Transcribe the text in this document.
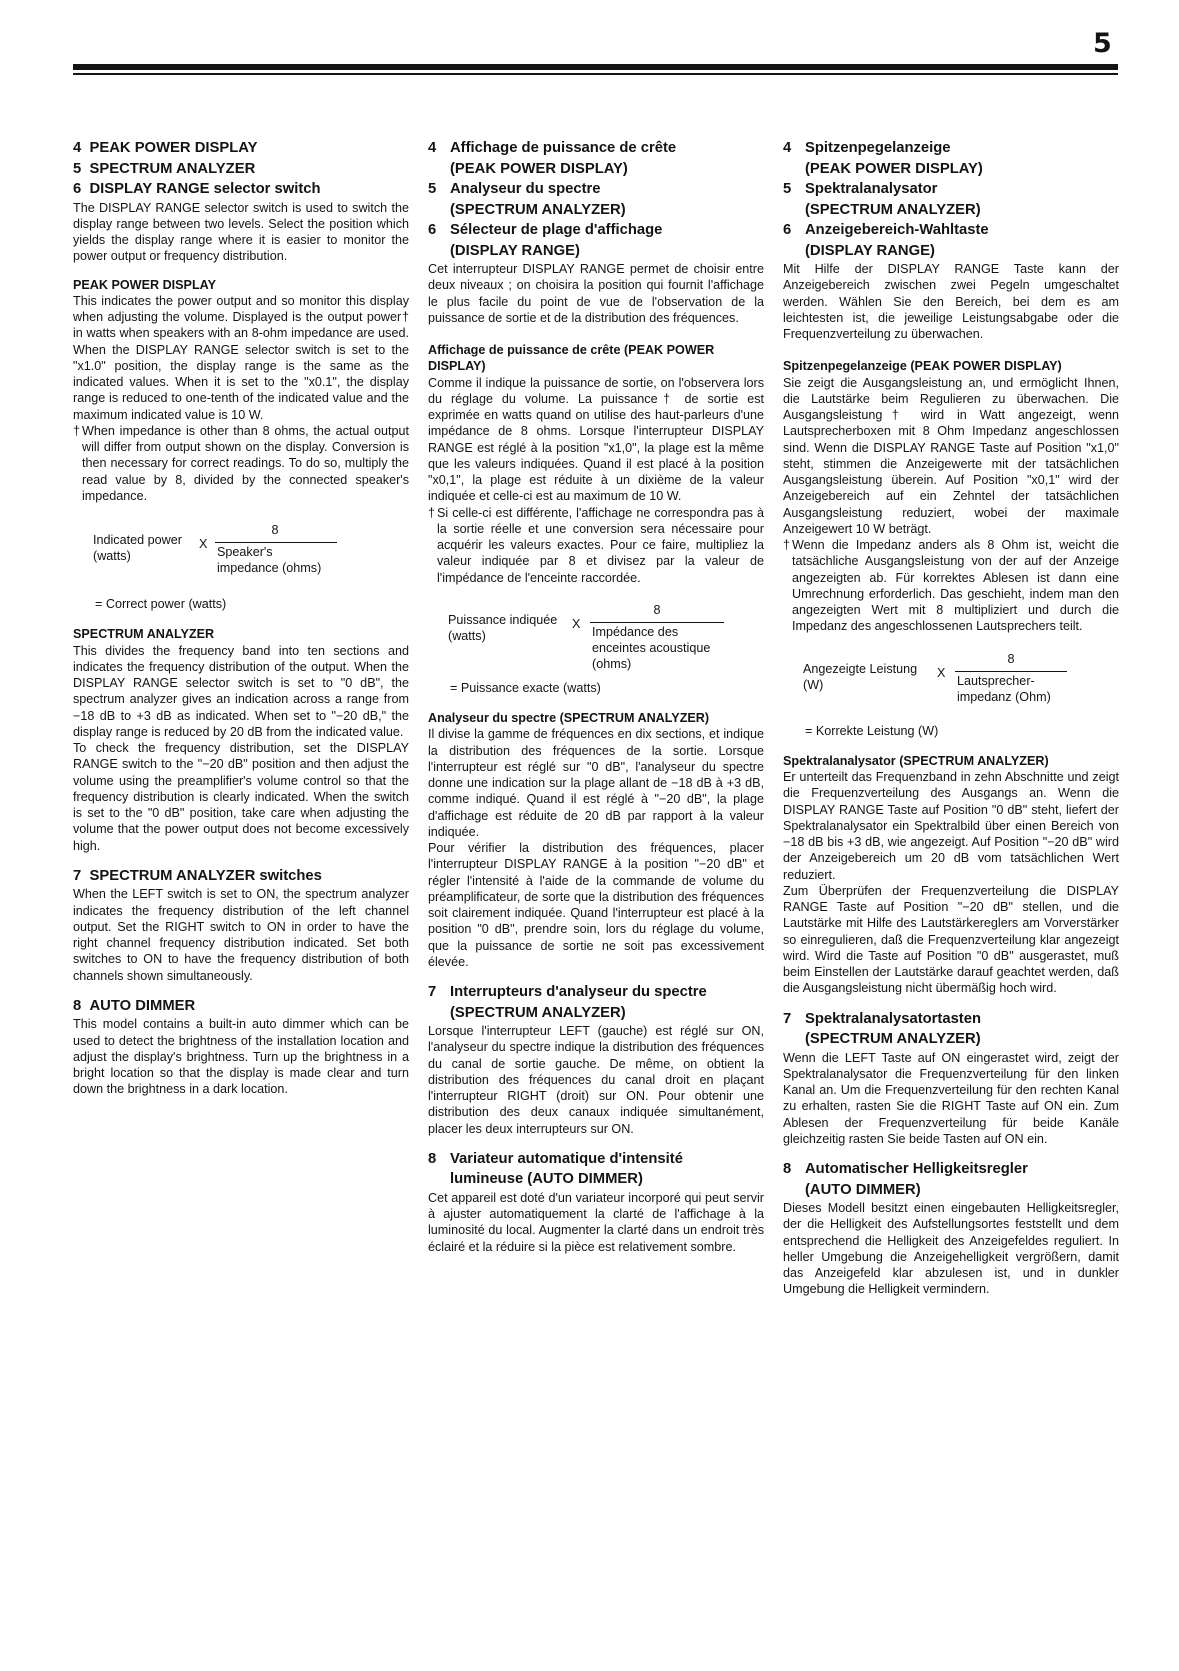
5
4 PEAK POWER DISPLAY
5 SPECTRUM ANALYZER
6 DISPLAY RANGE selector switch

The DISPLAY RANGE selector switch is used to switch the display range between two levels. Select the position which yields the display range where it is easier to monitor the power output or frequency distribution.

PEAK POWER DISPLAY

This indicates the power output and so monitor this display when adjusting the volume. Displayed is the output power† in watts when speakers with an 8-ohm impedance are used. When the DISPLAY RANGE selector switch is set to the "x1.0" position, the display range is the same as the indicated values. When it is set to the "x0.1", the display range is reduced to one-tenth of the indicated value and the maximum indicated value is 10 W.

† When impedance is other than 8 ohms, the actual output will differ from output shown on the display. Conversion is then necessary for correct readings. To do so, multiply the read value by 8, divided by the connected speaker's impedance.
Indicated power
(watts)
X
8
Speaker's
impedance (ohms)
= Correct power (watts)
SPECTRUM ANALYZER

This divides the frequency band into ten sections and indicates the frequency distribution of the output. When the DISPLAY RANGE selector switch is set to "0 dB", the spectrum analyzer gives an indication across a range from −18 dB to +3 dB as indicated. When set to "−20 dB," the display range is reduced by 20 dB from the indicated value.

To check the frequency distribution, set the DISPLAY RANGE switch to the "−20 dB" position and then adjust the volume using the preamplifier's volume control so that the frequency distribution is clearly indicated. When the switch is set to the "0 dB" position, take care when adjusting the volume that the power output does not become excessively high.

7 SPECTRUM ANALYZER switches

When the LEFT switch is set to ON, the spectrum analyzer indicates the frequency distribution of the left channel output. Set the RIGHT switch to ON in order to have the right channel frequency distribution indicated. Set both switches to ON to have the frequency distribution of both channels shown simultaneously.

8 AUTO DIMMER

This model contains a built-in auto dimmer which can be used to detect the brightness of the installation location and adjust the display's brightness. Turn up the brightness in a bright location so that the display is made clear and turn down the brightness in a dark location.

4 Affichage de puissance de crête
(PEAK POWER DISPLAY)
5 Analyseur du spectre
(SPECTRUM ANALYZER)
6 Sélecteur de plage d'affichage
(DISPLAY RANGE)

Cet interrupteur DISPLAY RANGE permet de choisir entre deux niveaux ; on choisira la position qui fournit l'affichage le plus facile du point de vue de l'observation de la puissance de sortie et de la distribution des fréquences.

Affichage de puissance de crête (PEAK POWER DISPLAY)

Comme il indique la puissance de sortie, on l'observera lors du réglage du volume. La puissance† de sortie est exprimée en watts quand on utilise des haut-parleurs d'une impédance de 8 ohms. Lorsque l'interrupteur DISPLAY RANGE est réglé à la position "x1,0", la plage est la même que les valeurs indiquées. Quand il est placé à la position "x0,1", la plage est réduite à un dixième de la valeur indiquée et celle-ci est au maximum de 10 W.

† Si celle-ci est différente, l'affichage ne correspondra pas à la sortie réelle et une conversion sera nécessaire pour acquérir les valeurs exactes. Pour ce faire, multipliez la valeur indiquée par 8 et divisez par la valeur de l'impédance de l'enceinte raccordée.
Puissance indiquée
(watts)
X
8
Impédance des
enceintes acoustique
(ohms)
= Puissance exacte (watts)
Analyseur du spectre (SPECTRUM ANALYZER)

Il divise la gamme de fréquences en dix sections, et indique la distribution des fréquences de la sortie. Lorsque l'interrupteur est réglé sur "0 dB", l'analyseur du spectre donne une indication sur la plage allant de −18 dB à +3 dB, comme indiqué. Quand il est réglé à "−20 dB", la plage d'affichage est réduite de 20 dB par rapport à la valeur indiquée.

Pour vérifier la distribution des fréquences, placer l'interrupteur DISPLAY RANGE à la position "−20 dB" et régler l'intensité à l'aide de la commande de volume du préamplificateur, de sorte que la distribution des fréquences soit clairement indiquée. Quand l'interrupteur est placé à la position "0 dB", prendre soin, lors du réglage du volume, que la puissance de sortie ne soit pas excessivement élevée.

7 Interrupteurs d'analyseur du spectre
(SPECTRUM ANALYZER)

Lorsque l'interrupteur LEFT (gauche) est réglé sur ON, l'analyseur du spectre indique la distribution des fréquences du canal de sortie gauche. De même, on obtient la distribution des fréquences du canal droit en plaçant l'interrupteur RIGHT (droit) sur ON. Pour obtenir une distribution des deux canaux indiquée simultanément, placer les deux interrupteurs sur ON.

8 Variateur automatique d'intensité
lumineuse (AUTO DIMMER)

Cet appareil est doté d'un variateur incorporé qui peut servir à ajuster automatiquement la clarté de l'affichage à la luminosité du local. Augmenter la clarté dans un endroit très éclairé et la réduire si la pièce est relativement sombre.

4 Spitzenpegelanzeige
(PEAK POWER DISPLAY)
5 Spektralanalysator
(SPECTRUM ANALYZER)
6 Anzeigebereich-Wahltaste
(DISPLAY RANGE)

Mit Hilfe der DISPLAY RANGE Taste kann der Anzeigebereich zwischen zwei Pegeln umgeschaltet werden. Wählen Sie den Bereich, bei dem es am leichtesten ist, die jeweilige Leistungsabgabe oder die Frequenzverteilung zu überwachen.

Spitzenpegelanzeige (PEAK POWER DISPLAY)

Sie zeigt die Ausgangsleistung an, und ermöglicht Ihnen, die Lautstärke beim Regulieren zu überwachen. Die Ausgangsleistung† wird in Watt angezeigt, wenn Lautsprecherboxen mit 8 Ohm Impedanz angeschlossen sind. Wenn die DISPLAY RANGE Taste auf Position "x1,0" steht, stimmen die Anzeigewerte mit der tatsächlichen Ausgangsleistung überein. Auf Position "x0,1" wird der Anzeigebereich auf ein Zehntel der tatsächlichen Ausgangsleistung reduziert, wobei der maximale Anzeigewert 10 W beträgt.

† Wenn die Impedanz anders als 8 Ohm ist, weicht die tatsächliche Ausgangsleistung von der auf der Anzeige angezeigten ab. Für korrektes Ablesen ist dann eine Umrechnung erforderlich. Das geschieht, indem man den angezeigten Wert mit 8 multipliziert und durch die Impedanz des angeschlossenen Lautsprechers teilt.
Angezeigte Leistung
(W)
X
8
Lautsprecher-
impedanz (Ohm)
= Korrekte Leistung (W)
Spektralanalysator (SPECTRUM ANALYZER)

Er unterteilt das Frequenzband in zehn Abschnitte und zeigt die Frequenzverteilung des Ausgangs an. Wenn die DISPLAY RANGE Taste auf Position "0 dB" steht, liefert der Spektralanalysator ein Spektralbild über einen Bereich von −18 dB bis +3 dB, wie angezeigt. Auf Position "−20 dB" wird der Anzeigebereich um 20 dB vom tatsächlichen Wert reduziert.

Zum Überprüfen der Frequenzverteilung die DISPLAY RANGE Taste auf Position "−20 dB" stellen, und die Lautstärke mit Hilfe des Lautstärkereglers am Vorverstärker so einregulieren, daß die Frequenzverteilung klar angezeigt wird. Wird die Taste auf Position "0 dB" ausgerastet, muß beim Einstellen der Lautstärke darauf geachtet werden, daß die Ausgangsleistung nicht übermäßig hoch wird.

7 Spektralanalysatortasten
(SPECTRUM ANALYZER)

Wenn die LEFT Taste auf ON eingerastet wird, zeigt der Spektralanalysator die Frequenzverteilung für den linken Kanal an. Um die Frequenzverteilung für den rechten Kanal zu erhalten, rasten Sie die RIGHT Taste auf ON ein. Zum Ablesen der Frequenzverteilung für beide Kanäle gleichzeitig rasten Sie beide Tasten auf ON ein.

8 Automatischer Helligkeitsregler
(AUTO DIMMER)

Dieses Modell besitzt einen eingebauten Helligkeitsregler, der die Helligkeit des Aufstellungsortes feststellt und dem entsprechend die Helligkeit des Anzeigefeldes reguliert. In heller Umgebung die Anzeigehelligkeit vergrößern, damit das Anzeigefeld klar abzulesen ist, und in dunkler Umgebung die Helligkeit vermindern.
